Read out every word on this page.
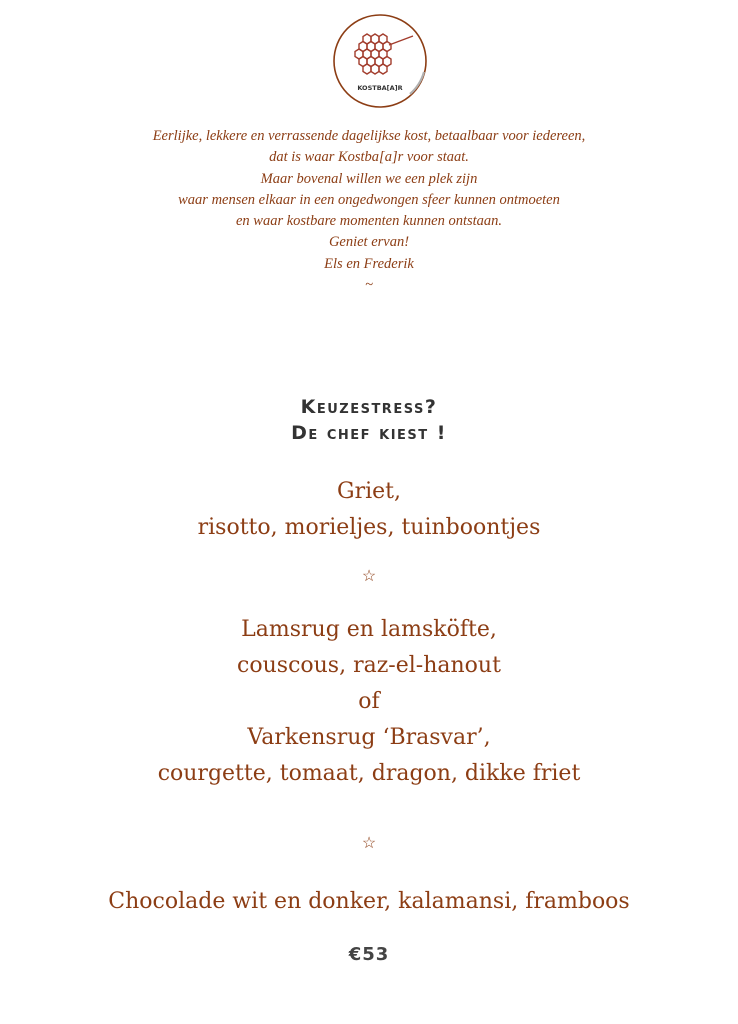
KOSTBA[A]R
Eerlijke, lekkere en verrassende dagelijkse kost, betaalbaar voor iedereen,
dat is waar Kostba[a]r voor staat.
Maar bovenal willen we een plek zijn
waar mensen elkaar in een ongedwongen sfeer kunnen ontmoeten
en waar kostbare momenten kunnen ontstaan.
Geniet ervan!
Els en Frederik
~
Keuzestress?
De chef kiest !
Griet,
risotto, morieljes, tuinboontjes
☆
Lamsrug en lamsköfte,
couscous, raz-el-hanout
of
Varkensrug ‘Brasvar’,
courgette, tomaat, dragon, dikke friet
☆
Chocolade wit en donker, kalamansi, framboos
€53
